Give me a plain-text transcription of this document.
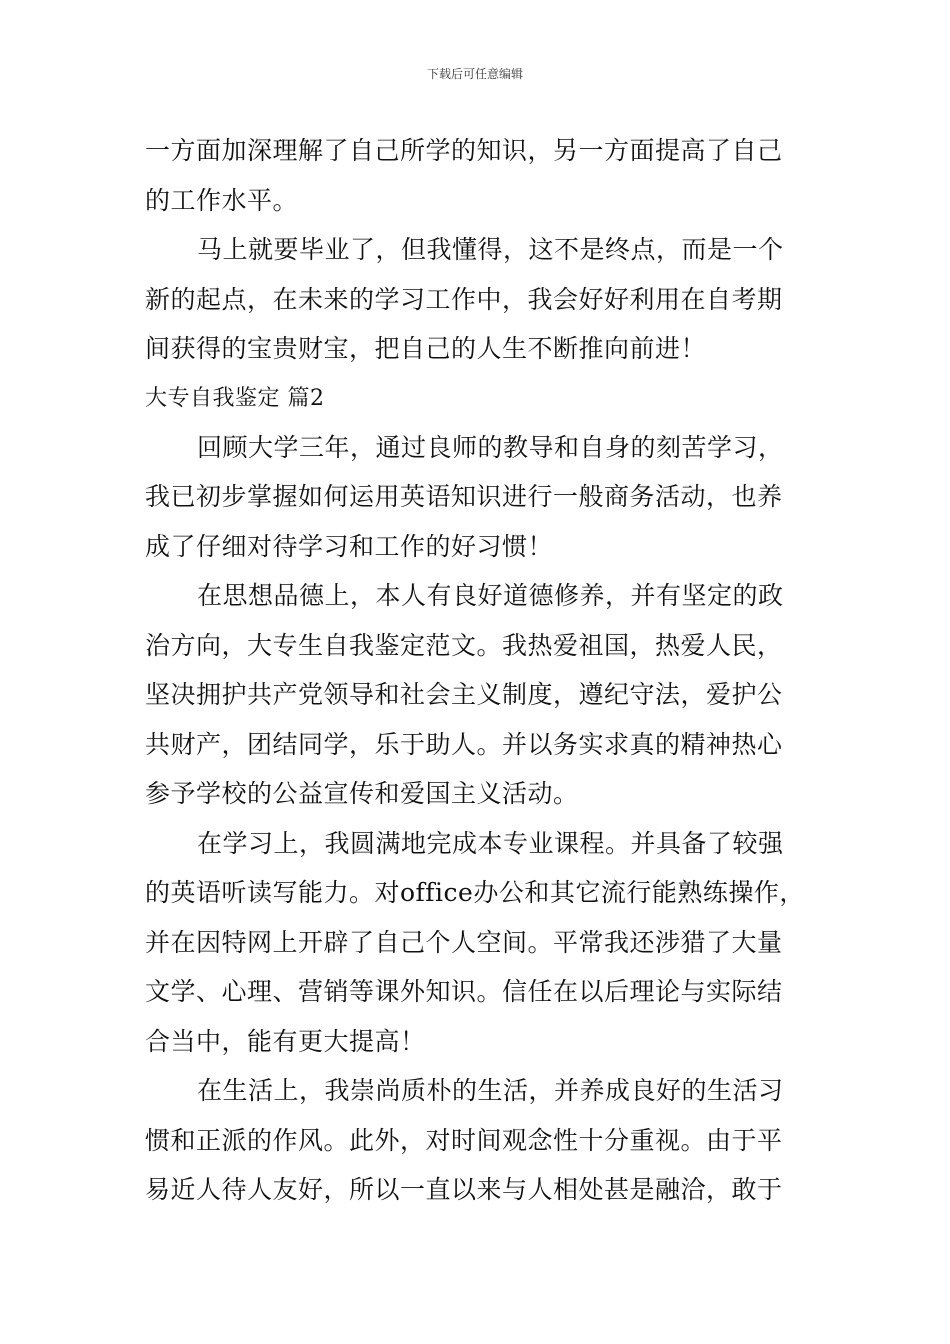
下载后可任意编辑
一方面加深理解了自己所学的知识，另一方面提高了自己
的工作水平。
马上就要毕业了，但我懂得，这不是终点，而是一个
新的起点，在未来的学习工作中，我会好好利用在自考期
间获得的宝贵财宝，把自己的人生不断推向前进！
大专自我鉴定 篇2
回顾大学三年，通过良师的教导和自身的刻苦学习，
我已初步掌握如何运用英语知识进行一般商务活动，也养
成了仔细对待学习和工作的好习惯！
在思想品德上，本人有良好道德修养，并有坚定的政
治方向，大专生自我鉴定范文。我热爱祖国，热爱人民，
坚决拥护共产党领导和社会主义制度，遵纪守法，爱护公
共财产，团结同学，乐于助人。并以务实求真的精神热心
参予学校的公益宣传和爱国主义活动。
在学习上，我圆满地完成本专业课程。并具备了较强
的英语听读写能力。对office办公和其它流行能熟练操作，
并在因特网上开辟了自己个人空间。平常我还涉猎了大量
文学、心理、营销等课外知识。信任在以后理论与实际结
合当中，能有更大提高！
在生活上，我崇尚质朴的生活，并养成良好的生活习
惯和正派的作风。此外，对时间观念性十分重视。由于平
易近人待人友好，所以一直以来与人相处甚是融洽，敢于
